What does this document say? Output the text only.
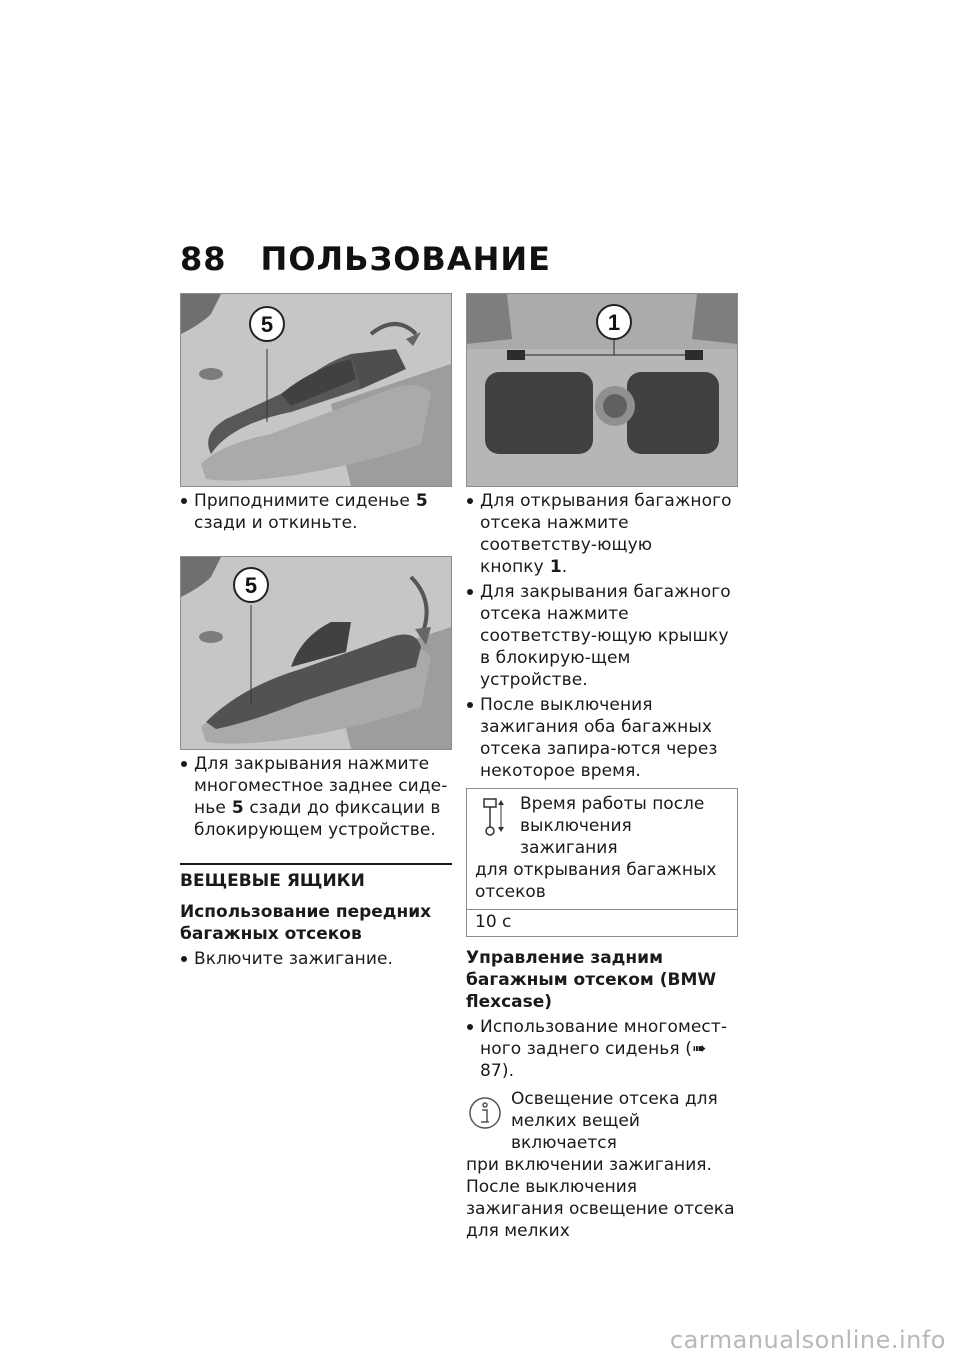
88 ПОЛЬЗОВАНИЕ
5
Приподнимите сиденье 5
сзади и откиньте.
5
Для закрывания нажмите многоместное заднее сиде-нье 5 сзади до фиксации в блокирующем устройстве.
ВЕЩЕВЫЕ ЯЩИКИ
Использование передних багажных отсеков
Включите зажигание.
1
Для открывания багажного отсека нажмите соответству-ющую кнопку 1.
Для закрывания багажного отсека нажмите соответству-ющую крышку в блокирую-щем устройстве.
После выключения зажигания оба багажных отсека запира-ются через некоторое время.
Время работы после
выключения зажигания
для открывания багажных отсеков
10 с
Управление задним багажным отсеком (BMW flexcase)
Использование многомест-ного заднего сиденья (➠ 87).
Освещение отсека для
мелких вещей включается
при включении зажигания. После выключения зажигания освещение отсека для мелких
carmanualsonline.info
